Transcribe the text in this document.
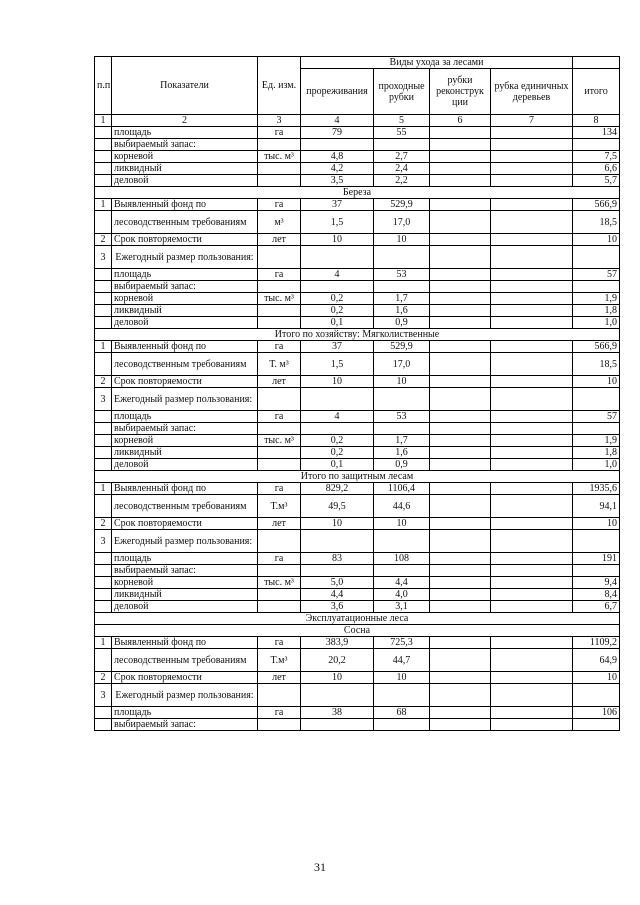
п.п	Показатели	Ед. изм.	Виды ухода за лесами				
			прореживания	проходные рубки	рубки реконструк ции	рубка единичных деревьев	итого
1	2	3	4	5	6	7	8
	площадь	га	79	55			134
	выбираемый запас:						
	корневой	тыс. м³	4,8	2,7			7,5
	ликвидный		4,2	2,4			6,6
	деловой		3,5	2,2			5,7
Береза							
1	Выявленный фонд по	га	37	529,9			566,9
	лесоводственным требованиям	м³	1,5	17,0			18,5
2	Срок повторяемости	лет	10	10			10
3	Ежегодный размер пользования:						
	площадь	га	4	53			57
	выбираемый запас:						
	корневой	тыс. м³	0,2	1,7			1,9
	ликвидный		0,2	1,6			1,8
	деловой		0,1	0,9			1,0
Итого по хозяйству: Мягколиственные							
1	Выявленный фонд по	га	37	529,9			566,9
	лесоводственным требованиям	Т. м³	1,5	17,0			18,5
2	Срок повторяемости	лет	10	10			10
3	Ежегодный размер пользования:						
	площадь	га	4	53			57
	выбираемый запас:						
	корневой	тыс. м³	0,2	1,7			1,9
	ликвидный		0,2	1,6			1,8
	деловой		0,1	0,9			1,0
Итого по защитным лесам							
1	Выявленный фонд по	га	829,2	1106,4			1935,6
	лесоводственным требованиям	Т.м³	49,5	44,6			94,1
2	Срок повторяемости	лет	10	10			10
3	Ежегодный размер пользования:						
	площадь	га	83	108			191
	выбираемый запас:						
	корневой	тыс. м³	5,0	4,4			9,4
	ликвидный		4,4	4,0			8,4
	деловой		3,6	3,1			6,7
Эксплуатационные леса							
Сосна							
1	Выявленный фонд по	га	383,9	725,3			1109,2
	лесоводственным требованиям	Т.м³	20,2	44,7			64,9
2	Срок повторяемости	лет	10	10			10
3	Ежегодный размер пользования:						
	площадь	га	38	68			106
	выбираемый запас:						
31
